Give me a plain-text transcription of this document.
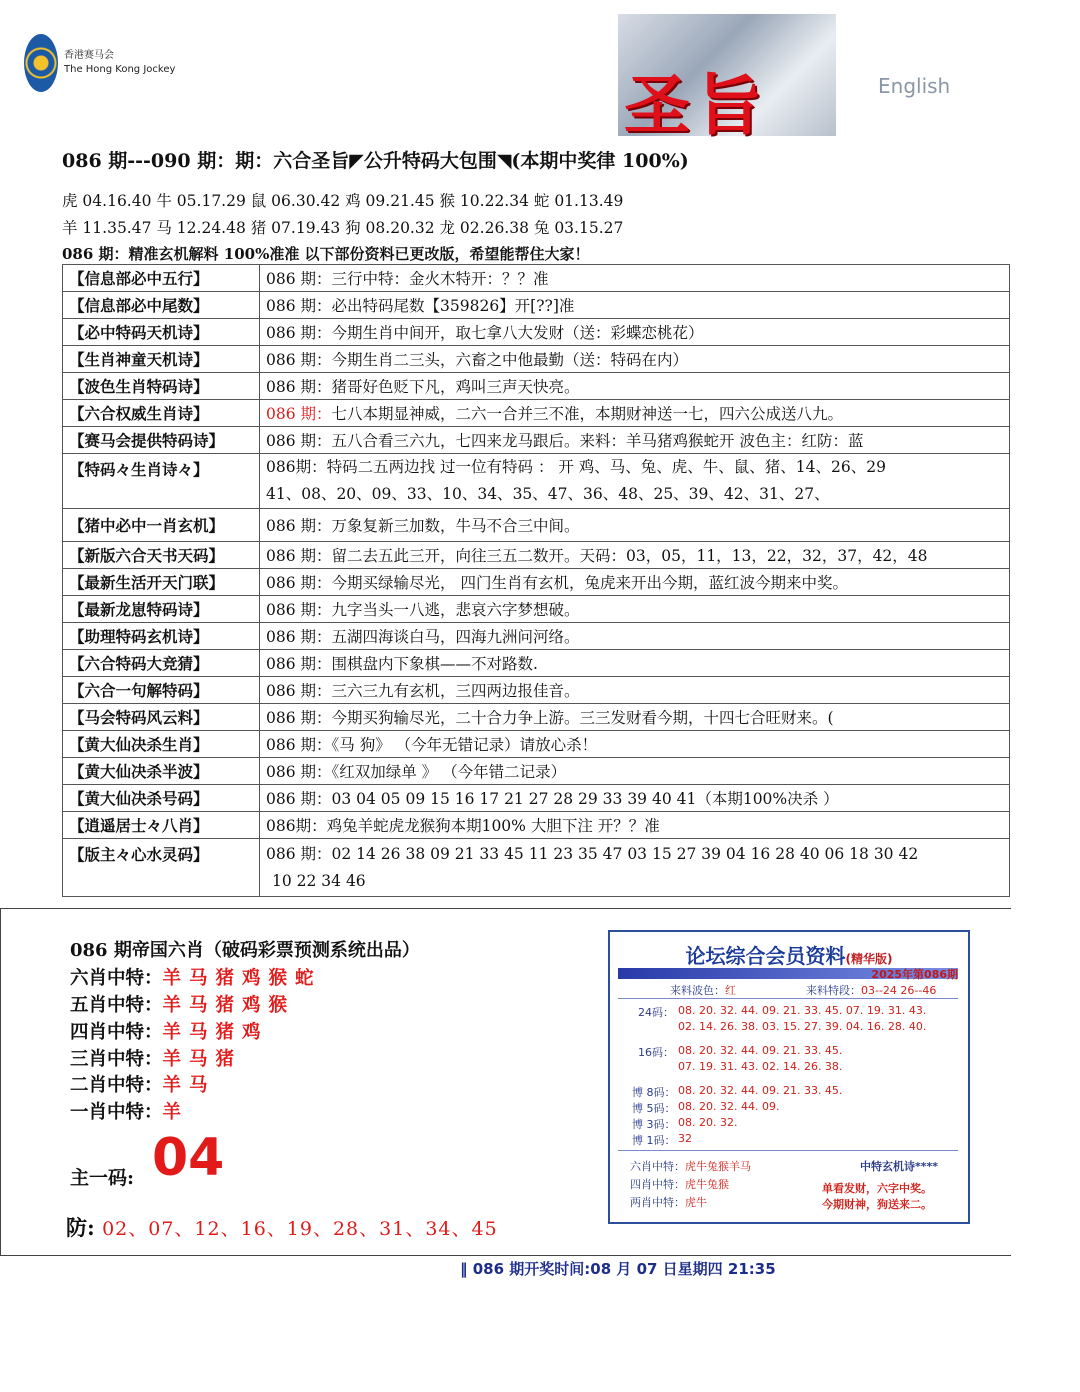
香港赛马会
The Hong Kong Jockey	圣旨	English
086 期---090 期：期：六合圣旨◤公升特码大包围◥(本期中奖律 100%)
虎 04.16.40 牛 05.17.29 鼠 06.30.42 鸡 09.21.45 猴 10.22.34 蛇 01.13.49
羊 11.35.47 马 12.24.48 猪 07.19.43 狗 08.20.32 龙 02.26.38 兔 03.15.27
086 期：精准玄机解料 100%准准 以下部份资料已更改版，希望能帮住大家！
【信息部必中五行】	086 期：三行中特：金火木特开：？？准
【信息部必中尾数】	086 期：必出特码尾数【359826】开[??]准
【必中特码天机诗】	086 期：今期生肖中间开，取七拿八大发财（送：彩蝶恋桃花）
【生肖神童天机诗】	086 期：今期生肖二三头，六畜之中他最勤（送：特码在内）
【波色生肖特码诗】	086 期：猪哥好色贬下凡，鸡叫三声天快亮。
【六合权威生肖诗】	086 期：七八本期显神威，二六一合并三不准，本期财神送一七，四六公成送八九。
【赛马会提供特码诗】	086 期：五八合看三六九，七四来龙马跟后。来料：羊马猪鸡猴蛇开 波色主：红防：蓝
【特码々生肖诗々】	086期：特码二五两边找 过一位有特码 ： 开 鸡、马、兔、虎、牛、鼠、猪、14、26、29
41、08、20、09、33、10、34、35、47、36、48、25、39、42、31、27、

【猪中必中一肖玄机】	086 期：万象复新三加数，牛马不合三中间。
【新版六合天书天码】	086 期：留二去五此三开，向往三五二数开。天码：03，05，11，13，22，32，37，42，48
【最新生活开天门联】	086 期：今期买绿输尽光， 四门生肖有玄机，兔虎来开出今期，蓝红波今期来中奖。
【最新龙崽特码诗】	086 期：九字当头一八逃，悲哀六字梦想破。
【助理特码玄机诗】	086 期：五湖四海谈白马，四海九洲问河络。
【六合特码大竞猜】	086 期：围棋盘内下象棋——不对路数.
【六合一句解特码】	086 期：三六三九有玄机，三四两边报佳音。
【马会特码风云料】	086 期：今期买狗输尽光，二十合力争上游。三三发财看今期，十四七合旺财来。(
【黄大仙决杀生肖】	086 期：《马 狗》 （今年无错记录）请放心杀！
【黄大仙决杀半波】	086 期：《红双加绿单 》 （今年错二记录）
【黄大仙决杀号码】	086 期：03 04 05 09 15 16 17 21 27 28 29 33 39 40 41（本期100%决杀 ）
【逍遥居士々八肖】	086期：鸡兔羊蛇虎龙猴狗本期100% 大胆下注 开？？准
【版主々心水灵码】	086 期：02 14 26 38 09 21 33 45 11 23 35 47 03 15 27 39 04 16 28 40 06 18 30 42
10 22 34 46
086 期帝国六肖（破码彩票预测系统出品）
六肖中特：羊马猪鸡猴蛇
五肖中特：羊马猪鸡猴
四肖中特：羊马猪鸡
三肖中特：羊马猪
二肖中特：羊马
一肖中特：羊
主一码: 04
防: 02、07、12、16、19、28、31、34、45
论坛综合会员资料(精华版)
2025年第086期
来料波色：红	来料特段：03--24 26--46
24码： 08. 20. 32. 44. 09. 21. 33. 45. 07. 19. 31. 43.
02. 14. 26. 38. 03. 15. 27. 39. 04. 16. 28. 40.
16码： 08. 20. 32. 44. 09. 21. 33. 45.
07. 19. 31. 43. 02. 14. 26. 38.
博 8码： 08. 20. 32. 44. 09. 21. 33. 45.
博 5码： 08. 20. 32. 44. 09.
博 3码： 08. 20. 32.
博 1码： 32
六肖中特：虎牛兔猴羊马
四肖中特：虎牛兔猴
两肖中特：虎牛
中特玄机诗****
单看发财，六字中奖。
今期财神，狗送来二。
‖ 086 期开奖时间:08 月 07 日星期四 21:35
